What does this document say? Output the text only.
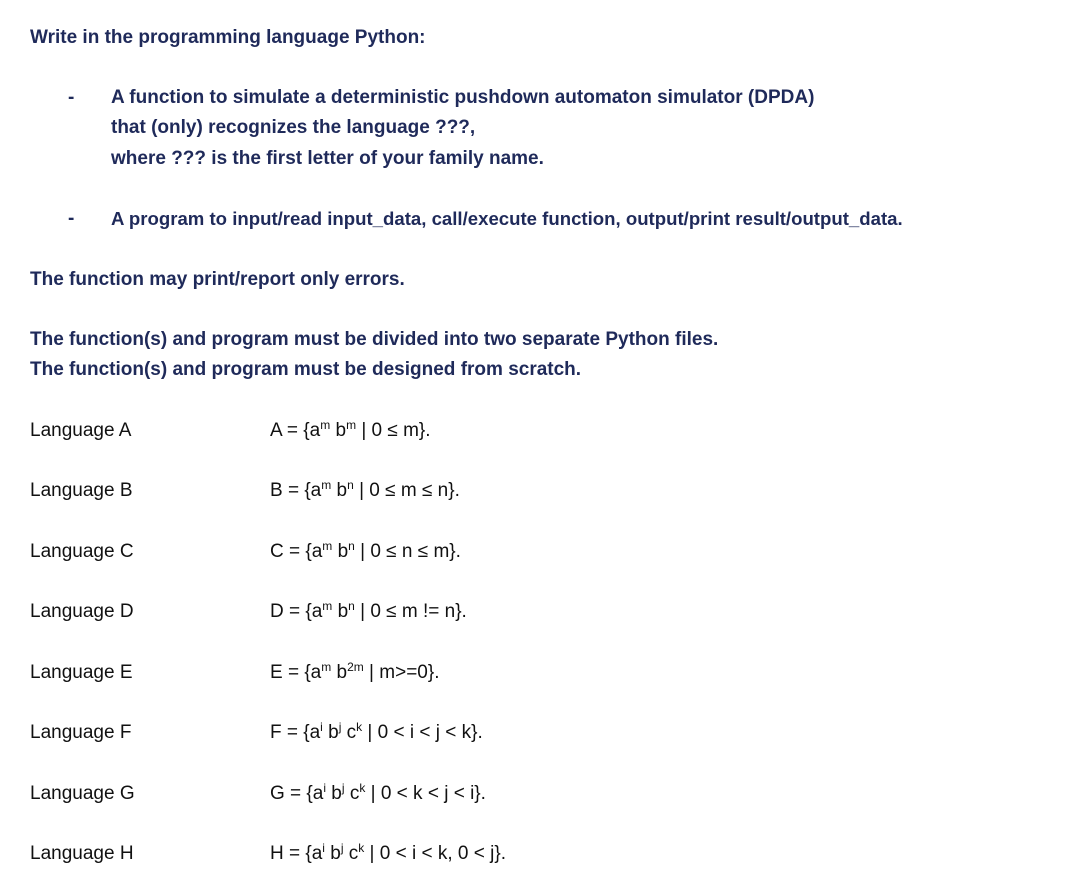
Write in the programming language Python:
- A function to simulate a deterministic pushdown automaton simulator (DPDA)
that (only) recognizes the language ???,
where ??? is the first letter of your family name.
- A program to input/read input_data, call/execute function, output/print result/output_data.
The function may print/report only errors.
The function(s) and program must be divided into two separate Python files.
The function(s) and program must be designed from scratch.
Language A	$A = \{a^m$ $b^m$ | 0 ≤ m}.
Language B	$B = \{a^m$ $b^n$ | 0 ≤ m ≤ n}.
Language C	$C = \{a^m$ $b^n$ | 0 ≤ n ≤ m}.
Language D	$D = \{a^m$ $b^n$ | 0 ≤ m != n}.
Language E	$E = \{a^m$ $b^{2m}$ | m>=0}.
Language F	$F = \{a^i$ $b^j$ $c^k$ | 0 < i < j < k}.
Language G	$G = \{a^i$ $b^j$ $c^k$ | 0 < k < j < i}.
Language H	$H = \{a^i$ $b^j$ $c^k$ | 0 < i < k, 0 < j}.
